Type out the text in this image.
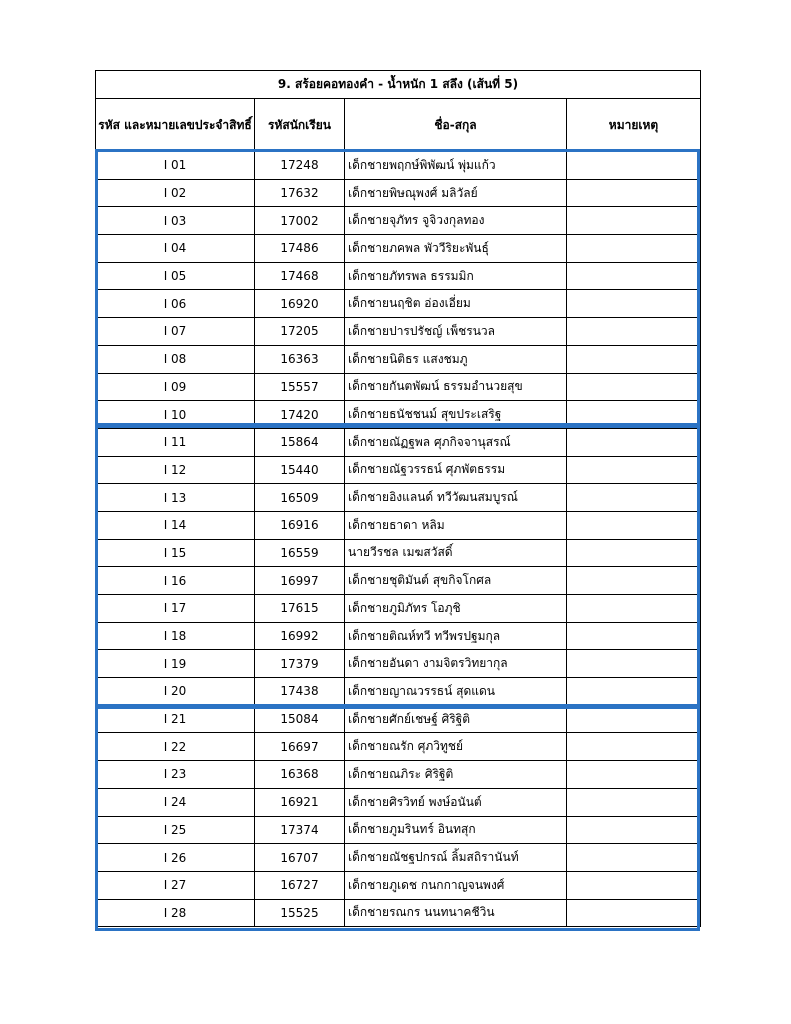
9. สร้อยคอทองคำ - น้ำหนัก 1 สลึง (เส้นที่ 5)			
รหัส และหมายเลขประจำสิทธิ์	รหัสนักเรียน	ชื่อ-สกุล	หมายเหตุ
I 01	17248	เด็กชายพฤกษ์พิพัฒน์ พุ่มแก้ว	
I 02	17632	เด็กชายพิษณุพงศ์ มลิวัลย์	
I 03	17002	เด็กชายจุภัทร จูจิวงกุลทอง	
I 04	17486	เด็กชายภคพล พัววีริยะพันธุ์	
I 05	17468	เด็กชายภัทรพล ธรรมมิก	
I 06	16920	เด็กชายนฤชิต อ่องเอี่ยม	
I 07	17205	เด็กชายปารปรัชญ์ เพ็ชรนวล	
I 08	16363	เด็กชายนิติธร แสงชมภู	
I 09	15557	เด็กชายกันตพัฒน์ ธรรมอำนวยสุข	
I 10	17420	เด็กชายธนัชชนม์ สุขประเสริฐ	
I 11	15864	เด็กชายณัฏฐพล ศุภกิจจานุสรณ์	
I 12	15440	เด็กชายณัฐวรรธน์ ศุภพัตธรรม	
I 13	16509	เด็กชายอิงแลนด์ ทวีวัฒนสมบูรณ์	
I 14	16916	เด็กชายธาดา หลิม	
I 15	16559	นายวีรชล เมฆสวัสดิ์	
I 16	16997	เด็กชายชุติมันต์ สุขกิจโกศล	
I 17	17615	เด็กชายภูมิภัทร โอภุชิ	
I 18	16992	เด็กชายติณห์ทวี ทวีพรปฐมกุล	
I 19	17379	เด็กชายอันดา งามจิตรวิทยากุล	
I 20	17438	เด็กชายญาณวรรธน์ สุดแดน	
I 21	15084	เด็กชายศักย์เชษฐ์ ศิริฐิติ	
I 22	16697	เด็กชายณรัก ศุภวิทูชย์	
I 23	16368	เด็กชายณภิระ ศิริฐิติ	
I 24	16921	เด็กชายศิรวิทย์ พงษ์อนันต์	
I 25	17374	เด็กชายภูมรินทร์ อินทสุก	
I 26	16707	เด็กชายณัชฐปกรณ์ ลิ้มสถิรานันท์	
I 27	16727	เด็กชายภูเดช กนกกาญจนพงศ์	
I 28	15525	เด็กชายรณกร นนทนาคชีวิน	
